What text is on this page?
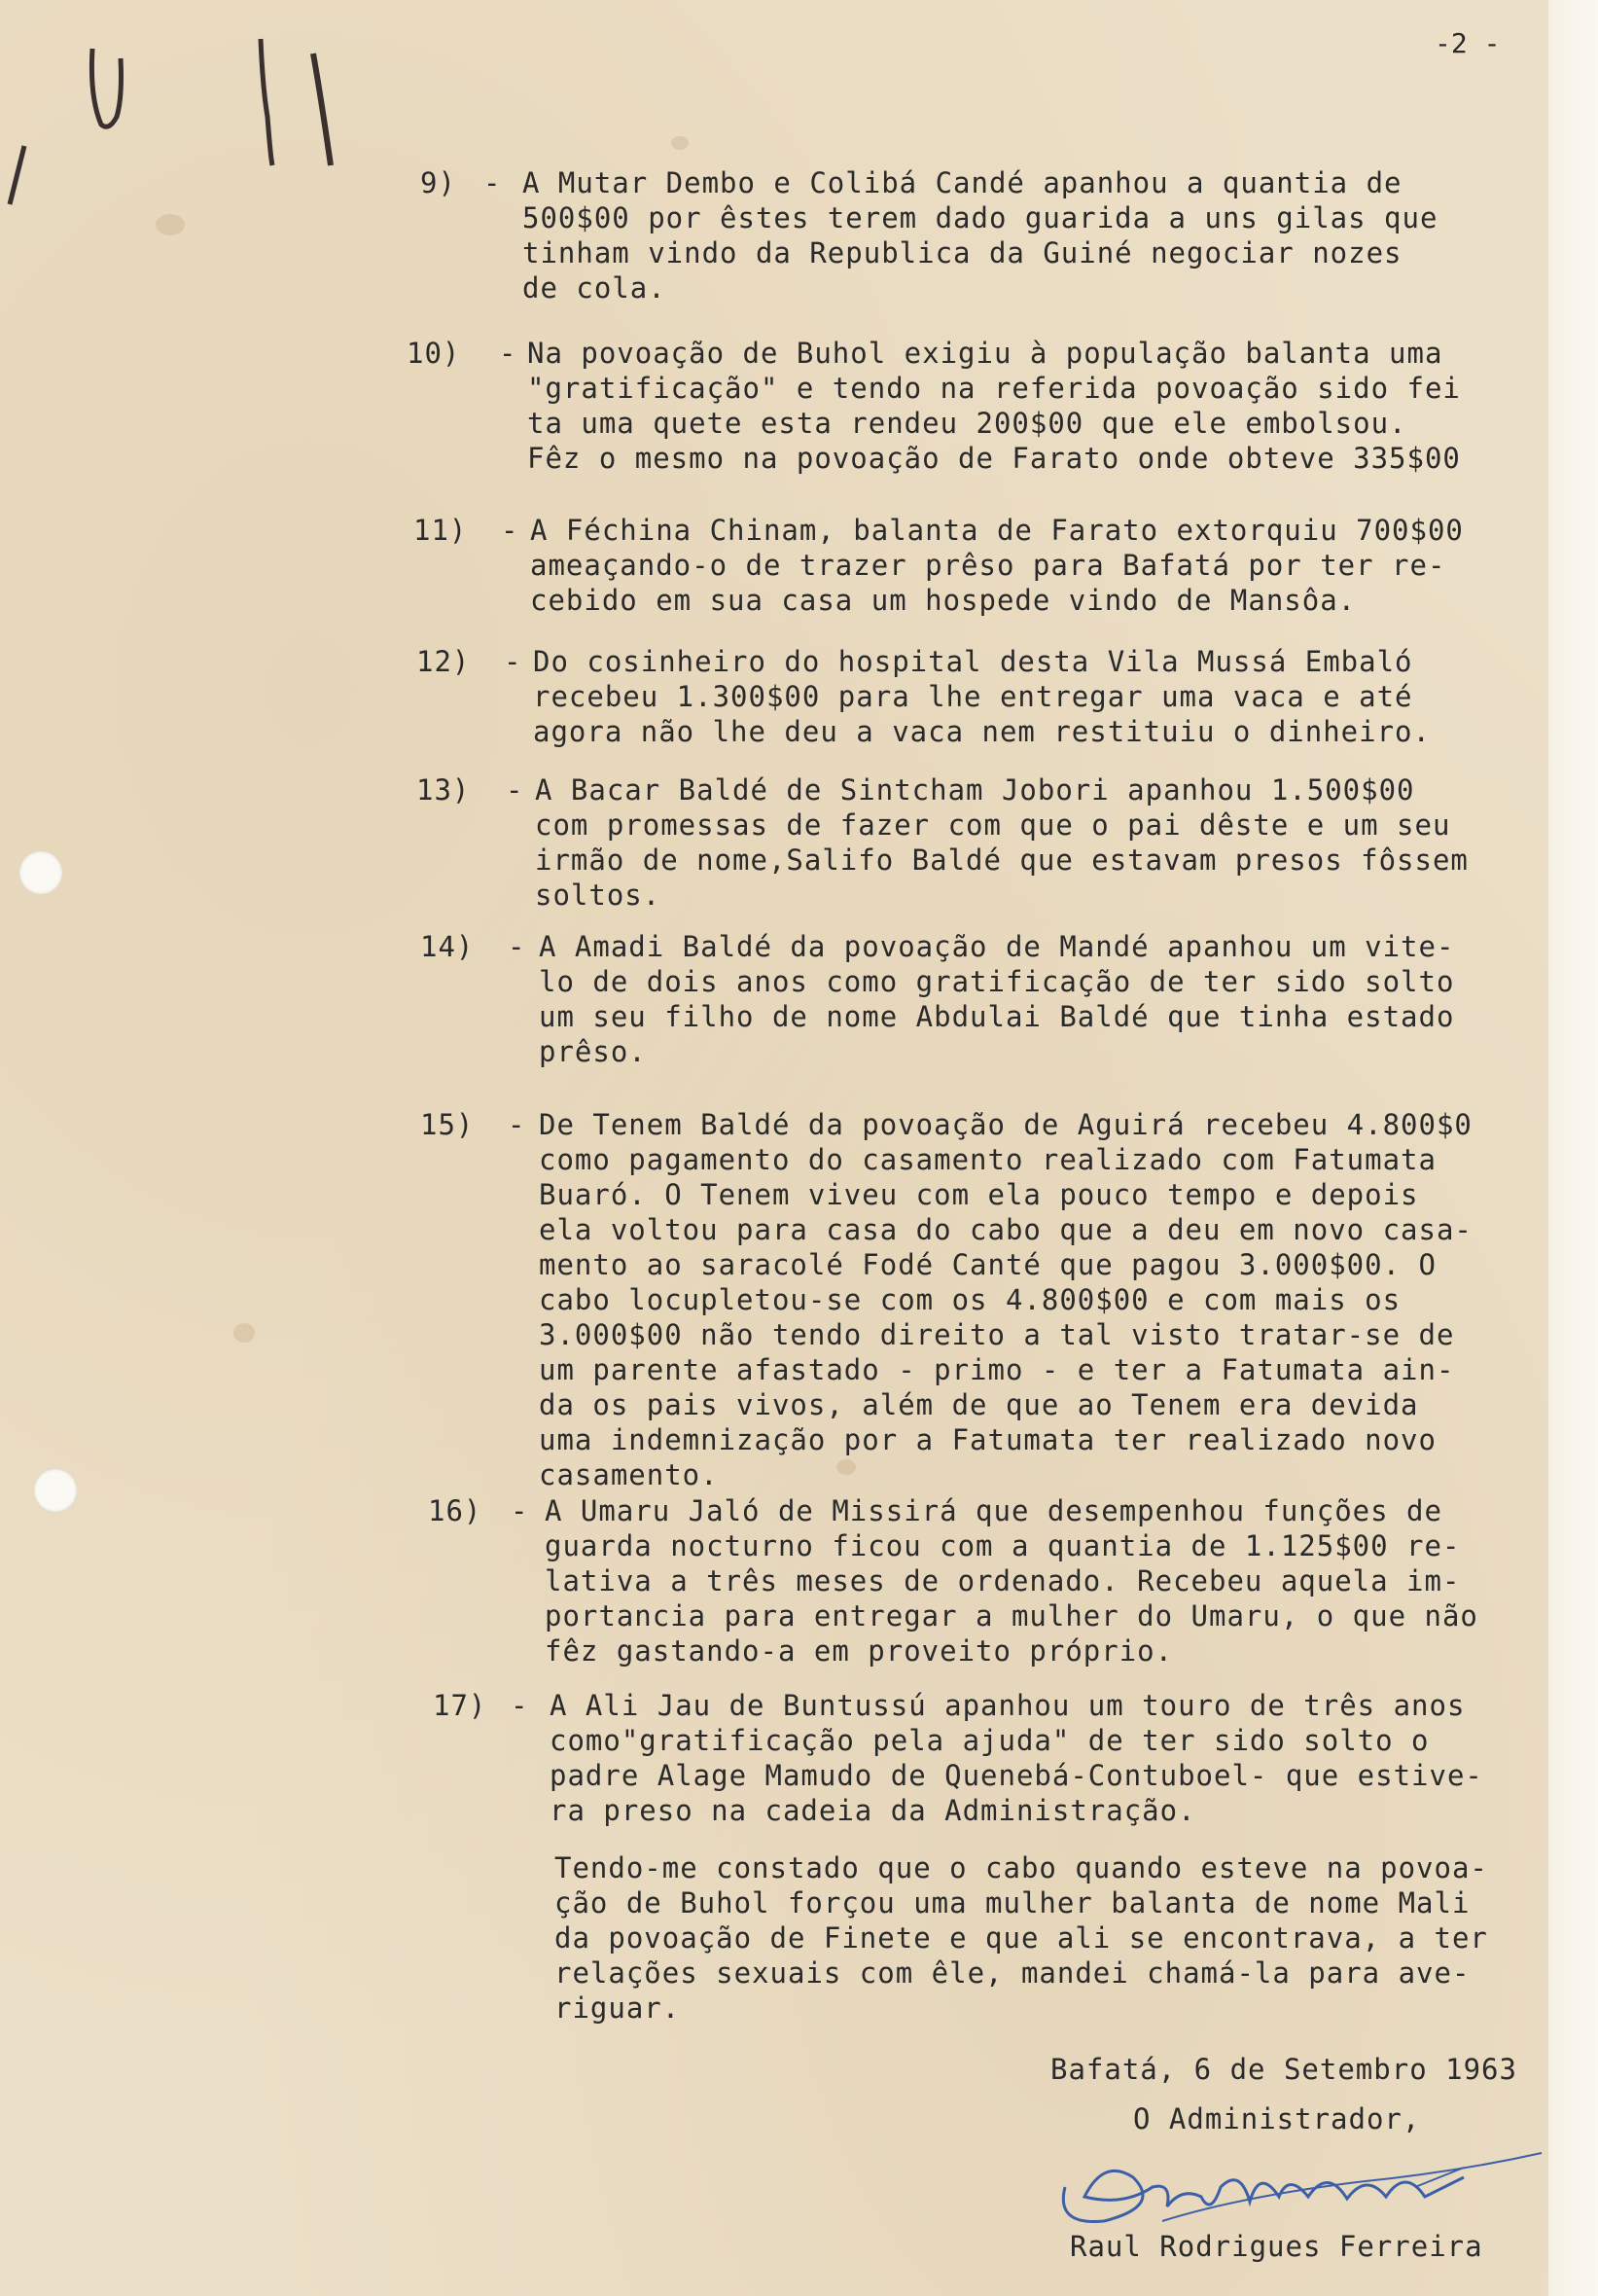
-2 -
9) - A Mutar Dembo e Colibá Candé apanhou a quantia de
500$00 por êstes terem dado guarida a uns gilas que
tinham vindo da Republica da Guiné negociar nozes
de cola.
10) - Na povoação de Buhol exigiu à população balanta uma
"gratificação" e tendo na referida povoação sido fei
ta uma quete esta rendeu 200$00 que ele embolsou.
Fêz o mesmo na povoação de Farato onde obteve 335$00
11) - A Féchina Chinam, balanta de Farato extorquiu 700$00
ameaçando-o de trazer prêso para Bafatá por ter re-
cebido em sua casa um hospede vindo de Mansôa.
12) - Do cosinheiro do hospital desta Vila Mussá Embaló
recebeu 1.300$00 para lhe entregar uma vaca e até
agora não lhe deu a vaca nem restituiu o dinheiro.
13) - A Bacar Baldé de Sintcham Jobori apanhou 1.500$00
com promessas de fazer com que o pai dêste e um seu
irmão de nome,Salifo Baldé que estavam presos fôssem
soltos.
14) - A Amadi Baldé da povoação de Mandé apanhou um vite-
lo de dois anos como gratificação de ter sido solto
um seu filho de nome Abdulai Baldé que tinha estado
prêso.
15) - De Tenem Baldé da povoação de Aguirá recebeu 4.800$0
como pagamento do casamento realizado com Fatumata
Buaró. O Tenem viveu com ela pouco tempo e depois
ela voltou para casa do cabo que a deu em novo casa-
mento ao saracolé Fodé Canté que pagou 3.000$00. O
cabo locupletou-se com os 4.800$00 e com mais os
3.000$00 não tendo direito a tal visto tratar-se de
um parente afastado - primo - e ter a Fatumata ain-
da os pais vivos, além de que ao Tenem era devida
uma indemnização por a Fatumata ter realizado novo
casamento.
16) - A Umaru Jaló de Missirá que desempenhou funções de
guarda nocturno ficou com a quantia de 1.125$00 re-
lativa a três meses de ordenado. Recebeu aquela im-
portancia para entregar a mulher do Umaru, o que não
fêz gastando-a em proveito próprio.
17) - A Ali Jau de Buntussú apanhou um touro de três anos
como"gratificação pela ajuda" de ter sido solto o
padre Alage Mamudo de Quenebá-Contuboel- que estive-
ra preso na cadeia da Administração.
Tendo-me constado que o cabo quando esteve na povoa-
ção de Buhol forçou uma mulher balanta de nome Mali
da povoação de Finete e que ali se encontrava, a ter
relações sexuais com êle, mandei chamá-la para ave-
riguar.
Bafatá, 6 de Setembro 1963
O Administrador,
Raul Rodrigues Ferreira
